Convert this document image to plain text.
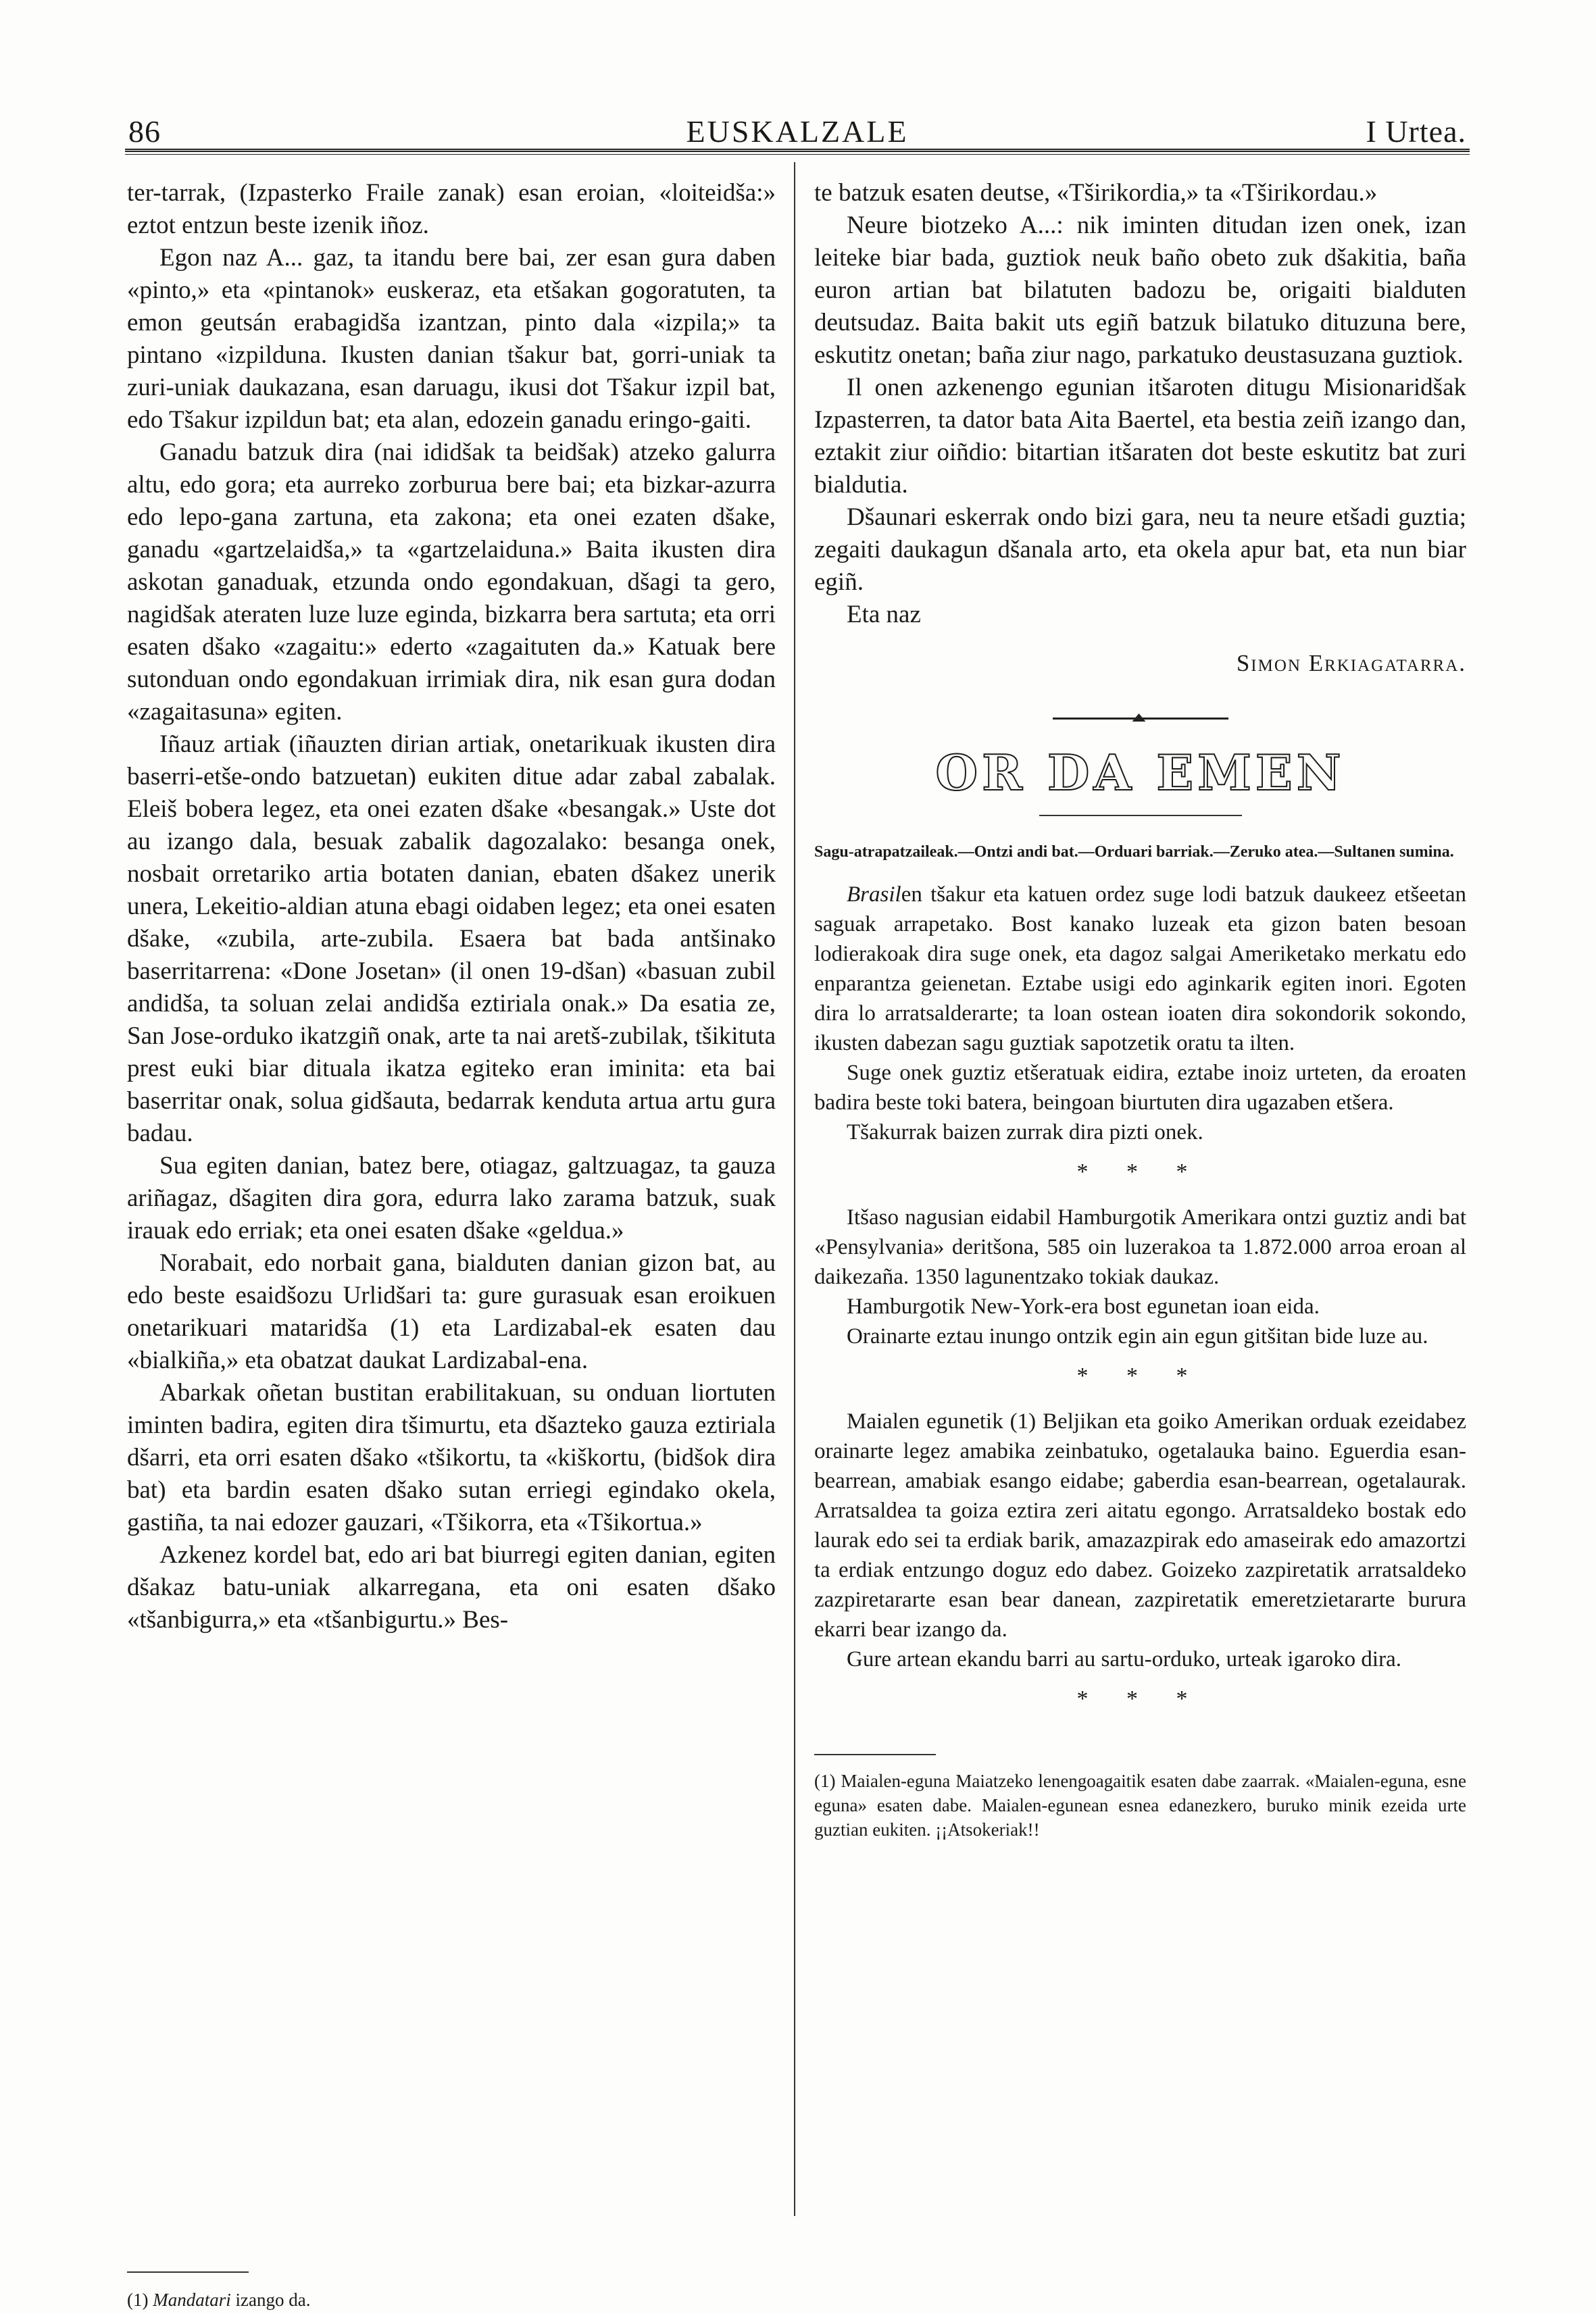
86	EUSKALZALE	I Urtea.

ter-tarrak, (Izpasterko Fraile zanak) esan eroian, «loiteidša:» eztot entzun beste izenik iñoz.

Egon naz A... gaz, ta itandu bere bai, zer esan gura daben «pinto,» eta «pintanok» euskeraz, eta etšakan gogoratuten, ta emon geutsán erabagidša izantzan, pinto dala «izpila;» ta pintano «izpilduna. Ikusten danian tšakur bat, gorri-uniak ta zuri-uniak daukazana, esan daruagu, ikusi dot Tšakur izpil bat, edo Tšakur izpildun bat; eta alan, edozein ganadu eringo-gaiti.

Ganadu batzuk dira (nai ididšak ta beidšak) atzeko galurra altu, edo gora; eta aurreko zorburua bere bai; eta bizkar-azurra edo lepo-gana zartuna, eta zakona; eta onei ezaten dšake, ganadu «gartzelaidša,» ta «gartzelaiduna.» Baita ikusten dira askotan ganaduak, etzunda ondo egondakuan, dšagi ta gero, nagidšak ateraten luze luze eginda, bizkarra bera sartuta; eta orri esaten dšako «zagaitu:» ederto «zagaituten da.» Katuak bere sutonduan ondo egondakuan irrimiak dira, nik esan gura dodan «zagaitasuna» egiten.

Iñauz artiak (iñauzten dirian artiak, onetarikuak ikusten dira baserri-etše-ondo batzuetan) eukiten ditue adar zabal zabalak. Eleiš bobera legez, eta onei ezaten dšake «besangak.» Uste dot au izango dala, besuak zabalik dagozalako: besanga onek, nosbait orretariko artia botaten danian, ebaten dšakez unerik unera, Lekeitio-aldian atuna ebagi oidaben legez; eta onei esaten dšake, «zubila, arte-zubila. Esaera bat bada antšinako baserritarrena: «Done Josetan» (il onen 19-dšan) «basuan zubil andidša, ta soluan zelai andidša eztiriala onak.» Da esatia ze, San Jose-orduko ikatzgiñ onak, arte ta nai aretš-zubilak, tšikituta prest euki biar dituala ikatza egiteko eran iminita: eta bai baserritar onak, solua gidšauta, bedarrak kenduta artua artu gura badau.

Sua egiten danian, batez bere, otiagaz, galtzuagaz, ta gauza ariñagaz, dšagiten dira gora, edurra lako zarama batzuk, suak irauak edo erriak; eta onei esaten dšake «geldua.»

Norabait, edo norbait gana, bialduten danian gizon bat, au edo beste esaidšozu Urlidšari ta: gure gurasuak esan eroikuen onetarikuari mataridša (1) eta Lardizabal-ek esaten dau «bialkiña,» eta obatzat daukat Lardizabal-ena.

Abarkak oñetan bustitan erabilitakuan, su onduan liortuten iminten badira, egiten dira tšimurtu, eta dšazteko gauza eztiriala dšarri, eta orri esaten dšako «tšikortu, ta «kiškortu, (bidšok dira bat) eta bardin esaten dšako sutan erriegi egindako okela, gastiña, ta nai edozer gauzari, «Tšikorra, eta «Tšikortua.»

Azkenez kordel bat, edo ari bat biurregi egiten danian, egiten dšakaz batu-uniak alkarregana, eta oni esaten dšako «tšanbigurra,» eta «tšanbigurtu.» Bes-

(1) Mandatari izango da.

te batzuk esaten deutse, «Tširikordia,» ta «Tširikordau.»

Neure biotzeko A...: nik iminten ditudan izen onek, izan leiteke biar bada, guztiok neuk baño obeto zuk dšakitia, baña euron artian bat bilatuten badozu be, origaiti bialduten deutsudaz. Baita bakit uts egiñ batzuk bilatuko dituzuna bere, eskutitz onetan; baña ziur nago, parkatuko deustasuzana guztiok.

Il onen azkenengo egunian itšaroten ditugu Misionaridšak Izpasterren, ta dator bata Aita Baertel, eta bestia zeiñ izango dan, eztakit ziur oiñdio: bitartian itšaraten dot beste eskutitz bat zuri bialdutia.

Dšaunari eskerrak ondo bizi gara, neu ta neure etšadi guztia; zegaiti daukagun dšanala arto, eta okela apur bat, eta nun biar egiñ.

Eta naz

Simon Erkiagatarra.
OR DA EMEN
Sagu-atrapatzaileak.—Ontzi andi bat.—Orduari barriak.—Zeruko atea.—Sultanen sumina.

Brasilen tšakur eta katuen ordez suge lodi batzuk daukeez etšeetan saguak arrapetako. Bost kanako luzeak eta gizon baten besoan lodierakoak dira suge onek, eta dagoz salgai Ameriketako merkatu edo enparantza geienetan. Eztabe usigi edo aginkarik egiten inori. Egoten dira lo arratsalderarte; ta loan ostean ioaten dira sokondorik sokondo, ikusten dabezan sagu guztiak sapotzetik oratu ta ilten.

Suge onek guztiz etšeratuak eidira, eztabe inoiz urteten, da eroaten badira beste toki batera, beingoan biurtuten dira ugazaben etšera.

Tšakurrak baizen zurrak dira pizti onek.

* * *

Itšaso nagusian eidabil Hamburgotik Amerikara ontzi guztiz andi bat «Pensylvania» deritšona, 585 oin luzerakoa ta 1.872.000 arroa eroan al daikezaña. 1350 lagunentzako tokiak daukaz.

Hamburgotik New-York-era bost egunetan ioan eida.

Orainarte eztau inungo ontzik egin ain egun gitšitan bide luze au.

* * *

Maialen egunetik (1) Beljikan eta goiko Amerikan orduak ezeidabez orainarte legez amabika zeinbatuko, ogetalauka baino. Eguerdia esan-bearrean, amabiak esango eidabe; gaberdia esan-bearrean, ogetalaurak. Arratsaldea ta goiza eztira zeri aitatu egongo. Arratsaldeko bostak edo laurak edo sei ta erdiak barik, amazazpirak edo amaseirak edo amazortzi ta erdiak entzungo doguz edo dabez. Goizeko zazpiretatik arratsaldeko zazpiretararte esan bear danean, zazpiretatik emeretzietararte burura ekarri bear izango da.

Gure artean ekandu barri au sartu-orduko, urteak igaroko dira.

* * *
(1) Maialen-eguna Maiatzeko lenengoagaitik esaten dabe zaarrak. «Maialen-eguna, esne eguna» esaten dabe. Maialen-egunean esnea edanezkero, buruko minik ezeida urte guztian eukiten. ¡¡Atsokeriak!!
